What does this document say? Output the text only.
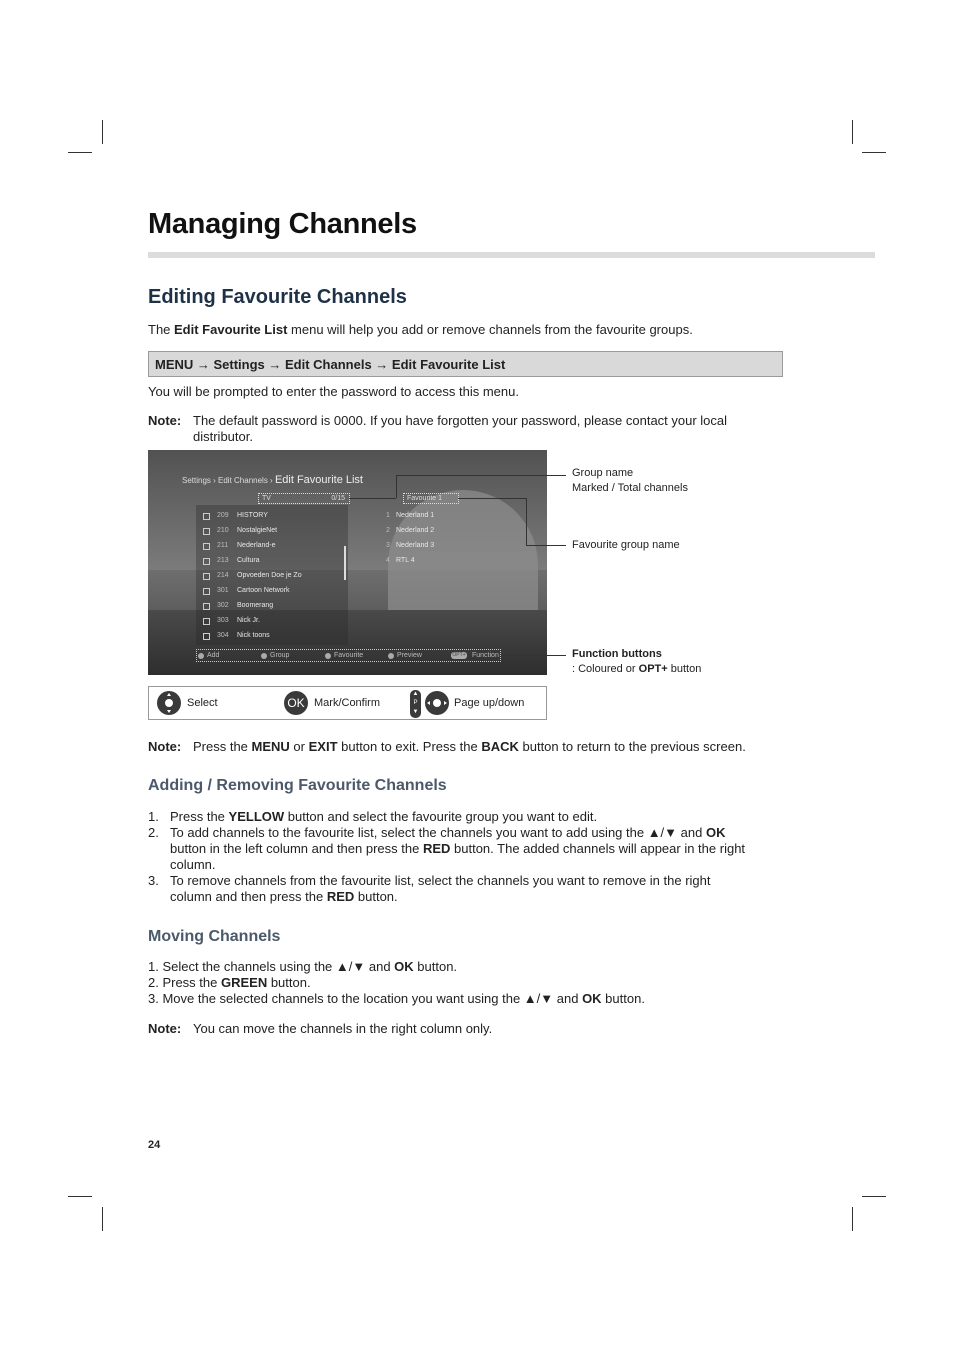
Managing Channels
Editing Favourite Channels
The Edit Favourite List menu will help you add or remove channels from the favourite groups.
MENU → Settings → Edit Channels → Edit Favourite List
You will be prompted to enter the password to access this menu.
Note: The default password is 0000. If you have forgotten your password, please contact your local
distributor.
Settings › Edit Channels › Edit Favourite List
TV	0/15	Favourite 1
209 HISTORY
210 NostalgieNet
211 Nederland-e
213 Cultura
214 Opvoeden Doe je Zo
301 Cartoon Network
302 Boomerang
303 Nick Jr.
304 Nick toons
1 Nederland 1
2 Nederland 2
3 Nederland 3
4 RTL 4
Add	Group	Favourite	Preview	OPT+ Function
Group name
Marked / Total channels
Favourite group name
Function buttons
: Coloured or OPT+ button
Select	OK Mark/Confirm
▲
P
▼
Page up/down
Note: Press the MENU or EXIT button to exit. Press the BACK button to return to the previous screen.
Adding / Removing Favourite Channels
1. Press the YELLOW button and select the favourite group you want to edit.
2. To add channels to the favourite list, select the channels you want to add using the ▲/▼ and OK
button in the left column and then press the RED button. The added channels will appear in the right
column.
3. To remove channels from the favourite list, select the channels you want to remove in the right
column and then press the RED button.
Moving Channels
1. Select the channels using the ▲/▼ and OK button.
2. Press the GREEN button.
3. Move the selected channels to the location you want using the ▲/▼ and OK button.
Note: You can move the channels in the right column only.
24
